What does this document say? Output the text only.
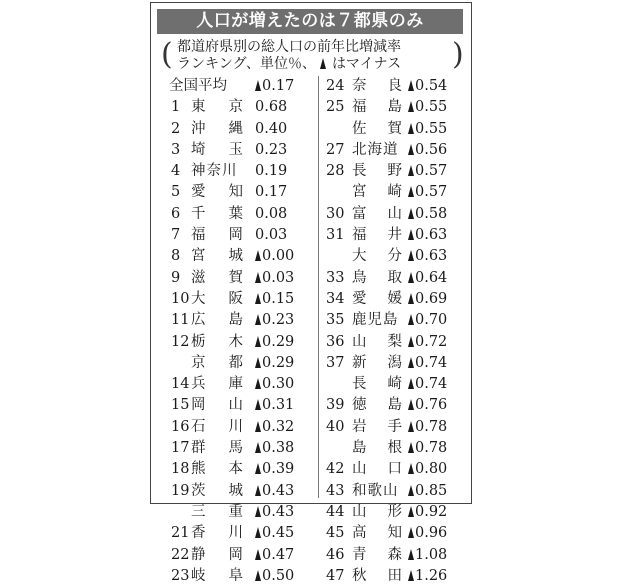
人口が増えたのは７都県のみ
( 都道府県別の総人口の前年比増減率
ランキング、単位％、 はマイナス )
全国平均	0.17
1 東京 0.68
2 沖縄 0.40
3 埼玉 0.23
4 神奈川	0.19
5 愛知 0.17
6 千葉 0.08
7 福岡 0.03
8 宮城	0.00
9 滋賀	0.03
10 大阪	0.15
11 広島	0.23
12 栃木	0.29
京都	0.29
14 兵庫	0.30
15 岡山	0.31
16 石川	0.32
17 群馬	0.38
18 熊本	0.39
19 茨城	0.43
三重	0.43
21 香川	0.45
22 静岡	0.47
23 岐阜	0.50
24 奈良 0.54
25 福島 0.55
佐賀 0.55
27 北海道	0.56
28 長野 0.57
宮崎 0.57
30 富山 0.58
31 福井 0.63
大分 0.63
33 鳥取 0.64
34 愛媛 0.69
35 鹿児島	0.70
36 山梨 0.72
37 新潟 0.74
長崎 0.74
39 徳島 0.76
40 岩手 0.78
島根 0.78
42 山口 0.80
43 和歌山	0.85
44 山形 0.92
45 高知 0.96
46 青森 1.08
47 秋田 1.26
